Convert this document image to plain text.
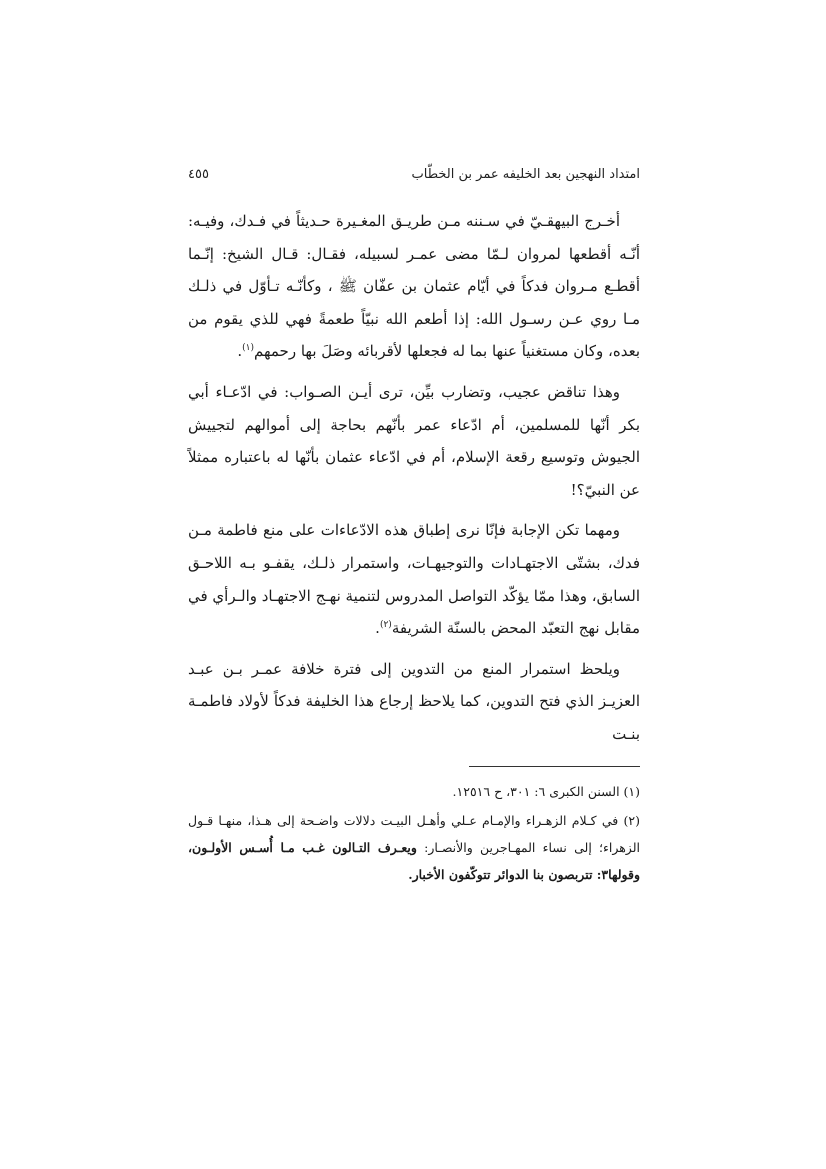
امتداد النهجين بعد الخليفه عمر بن الخطّاب
٤٥٥

أخـرج البيهقـيّ في سـننه مـن طريـق المغـيرة حـديثاً في فـدك، وفيـه: أنّـه أقطعها لمروان لـمّا مضى عمـر لسبيله، فقـال: قـال الشيخ: إنّـما أقطـع مـروان فدكاً في أيّام عثمان بن عفّان ﷺ ، وكأنّـه تـأوّل في ذلـك مـا روي عـن رسـول الله: إذا أطعم الله نبيّاً طعمةً فهي للذي يقوم من بعده، وكان مستغنياً عنها بما له فجعلها لأقربائه وصَلَ بها رحمهم$^{(١)}$.

وهذا تناقض عجيب، وتضارب بيِّن، ترى أيـن الصـواب: في ادّعـاء أبي بكر أنّها للمسلمين، أم ادّعاء عمر بأنّهم بحاجة إلى أموالهم لتجييش الجيوش وتوسيع رقعة الإسلام، أم في ادّعاء عثمان بأنّها له باعتباره ممثلاً عن النبيّ؟!

ومهما تكن الإجابة فإنّا نرى إطباق هذه الادّعاءات على منع فاطمة مـن فدك، بشتّى الاجتهـادات والتوجيهـات، واستمرار ذلـك، يقفـو بـه اللاحـق السابق، وهذا ممّا يؤكّد التواصل المدروس لتنمية نهـج الاجتهـاد والـرأي في مقابل نهج التعبّد المحض بالسنّة الشريفة$^{(٢)}$.

ويلحظ استمرار المنع من التدوين إلى فترة خلافة عمـر بـن عبـد العزيـز الذي فتح التدوين، كما يلاحظ إرجاع هذا الخليفة فدكاً لأولاد فاطمـة بنـت

(١) السنن الكبرى ٦: ٣٠١، ح ١٢٥١٦.

(٢) في كـلام الزهـراء والإمـام عـلي وأهـل البيـت دلالات واضـحة إلى هـذا، منهـا قـول الزهراء؛ إلى نساء المهـاجرين والأنصـار: ويعـرف التـالون غـب مـا أُسـس الأولـون، وقولها٣: تتربصون بنا الدوائر تتوكّفون الأخبار.
